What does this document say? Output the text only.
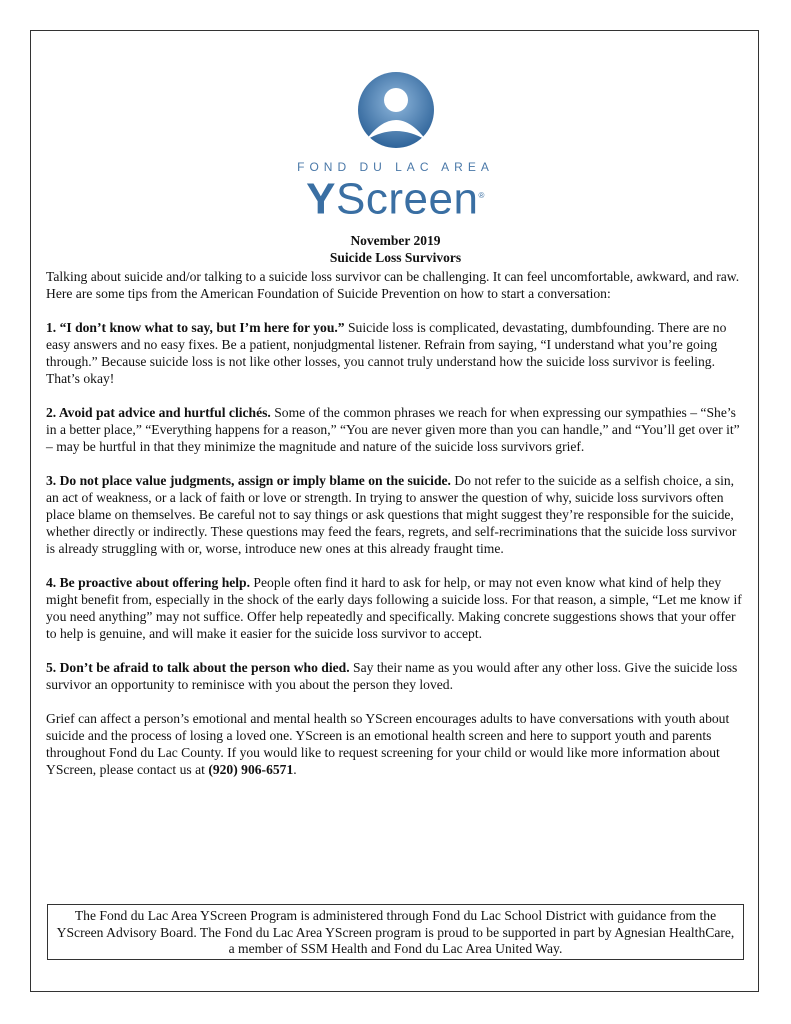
FOND DU LAC AREA
YScreen®
November 2019
Suicide Loss Survivors

Talking about suicide and/or talking to a suicide loss survivor can be challenging. It can feel uncomfortable, awkward, and raw. Here are some tips from the American Foundation of Suicide Prevention on how to start a conversation:

1. “I don’t know what to say, but I’m here for you.” Suicide loss is complicated, devastating, dumbfounding. There are no easy answers and no easy fixes. Be a patient, nonjudgmental listener. Refrain from saying, “I understand what you’re going through.” Because suicide loss is not like other losses, you cannot truly understand how the suicide loss survivor is feeling. That’s okay!

2. Avoid pat advice and hurtful clichés. Some of the common phrases we reach for when expressing our sympathies – “She’s in a better place,” “Everything happens for a reason,” “You are never given more than you can handle,” and “You’ll get over it” – may be hurtful in that they minimize the magnitude and nature of the suicide loss survivors grief.

3. Do not place value judgments, assign or imply blame on the suicide. Do not refer to the suicide as a selfish choice, a sin, an act of weakness, or a lack of faith or love or strength. In trying to answer the question of why, suicide loss survivors often place blame on themselves. Be careful not to say things or ask questions that might suggest they’re responsible for the suicide, whether directly or indirectly. These questions may feed the fears, regrets, and self-recriminations that the suicide loss survivor is already struggling with or, worse, introduce new ones at this already fraught time.

4. Be proactive about offering help. People often find it hard to ask for help, or may not even know what kind of help they might benefit from, especially in the shock of the early days following a suicide loss. For that reason, a simple, “Let me know if you need anything” may not suffice. Offer help repeatedly and specifically. Making concrete suggestions shows that your offer to help is genuine, and will make it easier for the suicide loss survivor to accept.

5. Don’t be afraid to talk about the person who died. Say their name as you would after any other loss. Give the suicide loss survivor an opportunity to reminisce with you about the person they loved.

Grief can affect a person’s emotional and mental health so YScreen encourages adults to have conversations with youth about suicide and the process of losing a loved one. YScreen is an emotional health screen and here to support youth and parents throughout Fond du Lac County. If you would like to request screening for your child or would like more information about YScreen, please contact us at (920) 906-6571.

The Fond du Lac Area YScreen Program is administered through Fond du Lac School District with guidance from the YScreen Advisory Board. The Fond du Lac Area YScreen program is proud to be supported in part by Agnesian HealthCare, a member of SSM Health and Fond du Lac Area United Way.
